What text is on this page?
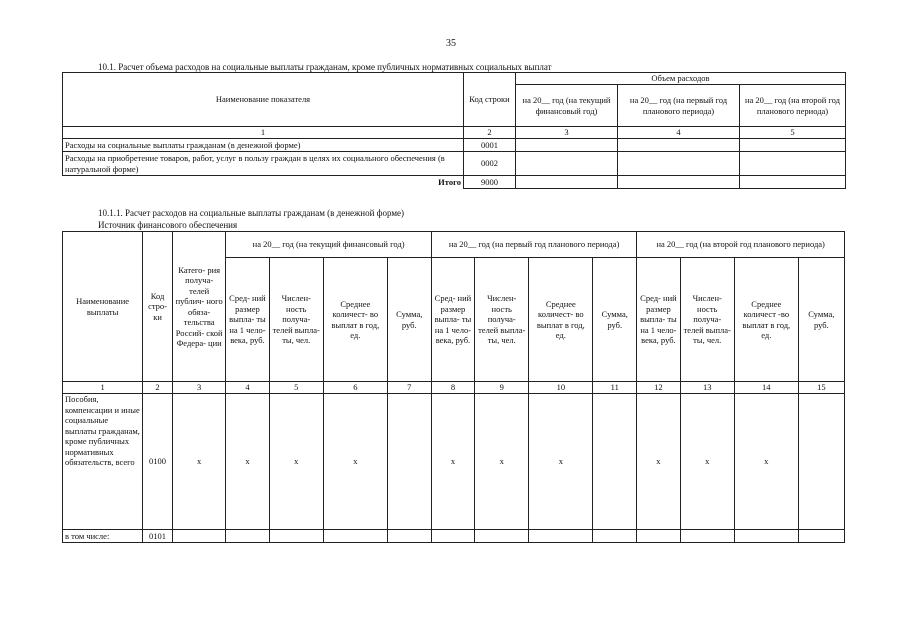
35
10.1. Расчет объема расходов на социальные выплаты гражданам, кроме публичных нормативных социальных выплат
Наименование показателя	Код строки	Объем расходов		
		на 20__ год (на текущий финансовый год)	на 20__ год (на первый год планового периода)	на 20__ год (на второй год планового периода)
1	2	3	4	5
Расходы на социальные выплаты гражданам (в денежной форме)	0001			
Расходы на приобретение товаров, работ, услуг в пользу граждан в целях их социального обеспечения (в натуральной форме)	0002			
Итого	9000			
10.1.1. Расчет расходов на социальные выплаты гражданам (в денежной форме)
Источник финансового обеспечения
Наименование выплаты	Код стро- ки	Катего- рия получа- телей публич- ного обяза- тельства Россий- ской Федера- ции	на 20__ год (на текущий финансовый год)				на 20__ год (на первый год планового периода)				на 20__ год (на второй год планового периода)			
			Сред- ний размер выпла- ты на 1 чело- века, руб.	Числен- ность получа- телей выпла- ты, чел.	Среднее количест- во выплат в год, ед.	Сумма, руб.	Сред- ний размер выпла- ты на 1 чело- века, руб.	Числен- ность получа- телей выпла- ты, чел.	Среднее количест- во выплат в год, ед.	Сумма, руб.	Сред- ний размер выпла- ты на 1 чело- века, руб.	Числен- ность получа- телей выпла- ты, чел.	Среднее количест -во выплат в год, ед.	Сумма, руб.
1	2	3	4	5	6	7	8	9	10	11	12	13	14	15
Пособия, компенсации и иные социальные выплаты гражданам, кроме публичных нормативных обязательств, всего	0100	х	х	х	х		х	х	х		х	х	х	
в том числе:	0101													
